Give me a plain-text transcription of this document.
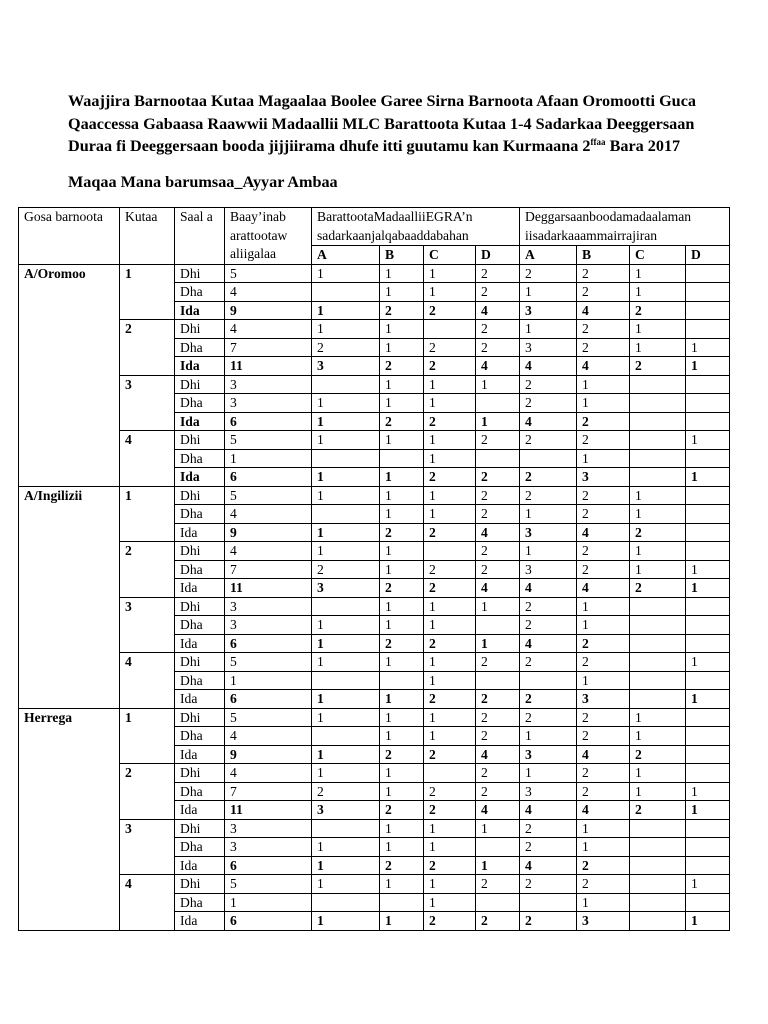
Waajjira Barnootaa Kutaa Magaalaa Boolee Garee Sirna Barnoota Afaan Oromootti Guca
Qaaccessa Gabaasa Raawwii Madaallii MLC Barattoota Kutaa 1-4 Sadarkaa Deeggersaan
Duraa fi Deeggersaan booda jijjiirama dhufe itti guutamu kan Kurmaana $2^{ffaa}$ Bara 2017

Maqaa Mana barumsaa_Ayyar Ambaa

Gosa barnoota	Kutaa	Saal a	Baay’inab arattootaw aliigalaa	BarattootaMadaalliiEGRA’n sadarkaanjalqabaaddabahan				Deggarsaanboodamadaalaman iisadarkaaammairrajiran			
				A	B	C	D	A	B	C	D
A/Oromoo	1	Dhi	5	1	1	1	2	2	2	1	
		Dha	4		1	1	2	1	2	1	
		Ida	9	1	2	2	4	3	4	2	
	2	Dhi	4	1	1		2	1	2	1	
		Dha	7	2	1	2	2	3	2	1	1
		Ida	11	3	2	2	4	4	4	2	1
	3	Dhi	3		1	1	1	2	1		
		Dha	3	1	1	1		2	1		
		Ida	6	1	2	2	1	4	2		
	4	Dhi	5	1	1	1	2	2	2		1
		Dha	1			1			1		
		Ida	6	1	1	2	2	2	3		1
A/Ingilizii	1	Dhi	5	1	1	1	2	2	2	1	
		Dha	4		1	1	2	1	2	1	
		Ida	9	1	2	2	4	3	4	2	
	2	Dhi	4	1	1		2	1	2	1	
		Dha	7	2	1	2	2	3	2	1	1
		Ida	11	3	2	2	4	4	4	2	1
	3	Dhi	3		1	1	1	2	1		
		Dha	3	1	1	1		2	1		
		Ida	6	1	2	2	1	4	2		
	4	Dhi	5	1	1	1	2	2	2		1
		Dha	1			1			1		
		Ida	6	1	1	2	2	2	3		1
Herrega	1	Dhi	5	1	1	1	2	2	2	1	
		Dha	4		1	1	2	1	2	1	
		Ida	9	1	2	2	4	3	4	2	
	2	Dhi	4	1	1		2	1	2	1	
		Dha	7	2	1	2	2	3	2	1	1
		Ida	11	3	2	2	4	4	4	2	1
	3	Dhi	3		1	1	1	2	1		
		Dha	3	1	1	1		2	1		
		Ida	6	1	2	2	1	4	2		
	4	Dhi	5	1	1	1	2	2	2		1
		Dha	1			1			1		
		Ida	6	1	1	2	2	2	3		1
